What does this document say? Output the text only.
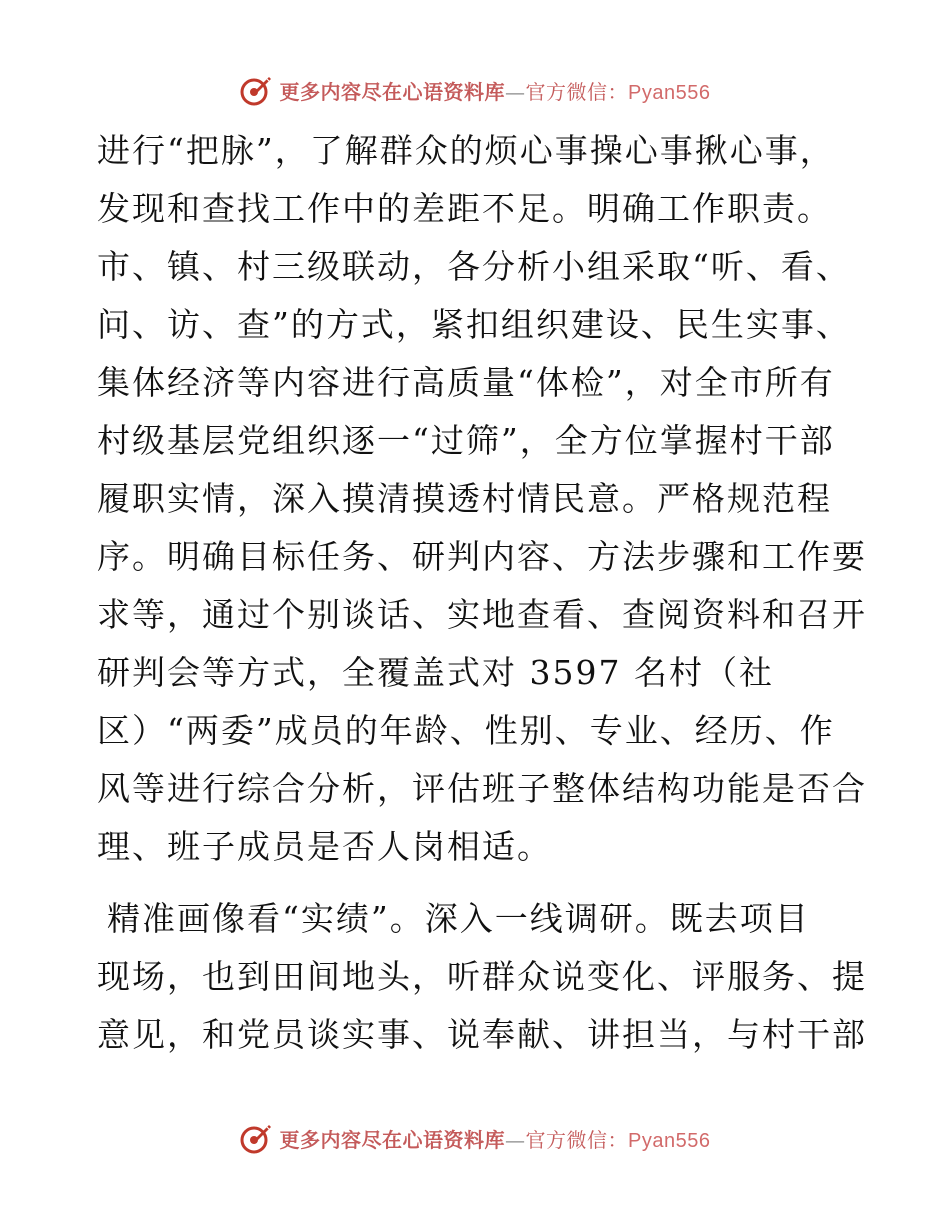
更多内容尽在心语资料库—官方微信：Pyan556
进行“把脉”，了解群众的烦心事操心事揪心事，
发现和查找工作中的差距不足。明确工作职责。
市、镇、村三级联动，各分析小组采取“听、看、
问、访、查”的方式，紧扣组织建设、民生实事、
集体经济等内容进行高质量“体检”，对全市所有
村级基层党组织逐一“过筛”，全方位掌握村干部
履职实情，深入摸清摸透村情民意。严格规范程
序。明确目标任务、研判内容、方法步骤和工作要
求等，通过个别谈话、实地查看、查阅资料和召开
研判会等方式，全覆盖式对 3597 名村（社
区）“两委”成员的年龄、性别、专业、经历、作
风等进行综合分析，评估班子整体结构功能是否合
理、班子成员是否人岗相适。
精准画像看“实绩”。深入一线调研。既去项目
现场，也到田间地头，听群众说变化、评服务、提
意见，和党员谈实事、说奉献、讲担当，与村干部
更多内容尽在心语资料库—官方微信：Pyan556
